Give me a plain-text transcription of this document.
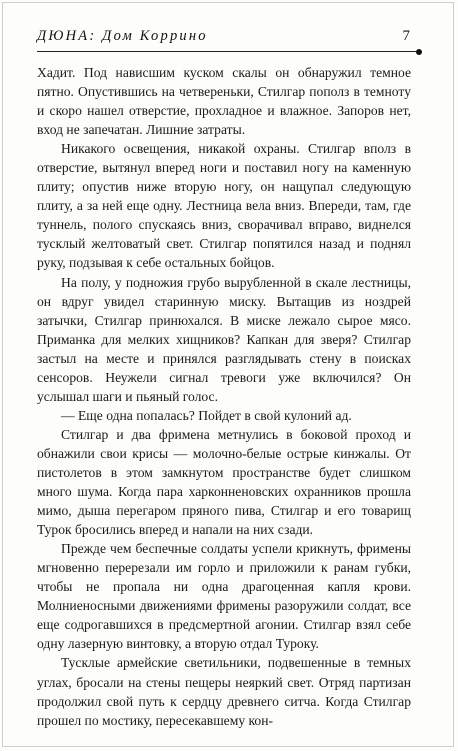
ДЮНА: Дом Коррино	7

Хадит. Под нависшим куском скалы он обнаружил темное пятно. Опустившись на четвереньки, Стилгар пополз в темноту и скоро нашел отверстие, прохладное и влажное. Запоров нет, вход не запечатан. Лишние затраты.

Никакого освещения, никакой охраны. Стилгар вполз в отверстие, вытянул вперед ноги и поставил ногу на каменную плиту; опустив ниже вторую ногу, он нащупал следующую плиту, а за ней еще одну. Лестница вела вниз. Впереди, там, где туннель, полого спускаясь вниз, сворачивал вправо, виднелся тусклый желтоватый свет. Стилгар попятился назад и поднял руку, подзывая к себе остальных бойцов.

На полу, у подножия грубо вырубленной в скале лестницы, он вдруг увидел старинную миску. Вытащив из ноздрей затычки, Стилгар принюхался. В миске лежало сырое мясо. Приманка для мелких хищников? Капкан для зверя? Стилгар застыл на месте и принялся разглядывать стену в поисках сенсоров. Неужели сигнал тревоги уже включился? Он услышал шаги и пьяный голос.

— Еще одна попалась? Пойдет в свой кулоний ад.

Стилгар и два фримена метнулись в боковой проход и обнажили свои крисы — молочно-белые острые кинжалы. От пистолетов в этом замкнутом пространстве будет слишком много шума. Когда пара харконненовских охранников прошла мимо, дыша перегаром пряного пива, Стилгар и его товарищ Турок бросились вперед и напали на них сзади.

Прежде чем беспечные солдаты успели крикнуть, фримены мгновенно перерезали им горло и приложили к ранам губки, чтобы не пропала ни одна драгоценная капля крови. Молниеносными движениями фримены разоружили солдат, все еще содрогавшихся в предсмертной агонии. Стилгар взял себе одну лазерную винтовку, а вторую отдал Туроку.

Тусклые армейские светильники, подвешенные в темных углах, бросали на стены пещеры неяркий свет. Отряд партизан продолжил свой путь к сердцу древнего ситча. Когда Стилгар прошел по мостику, пересекавшему кон-
